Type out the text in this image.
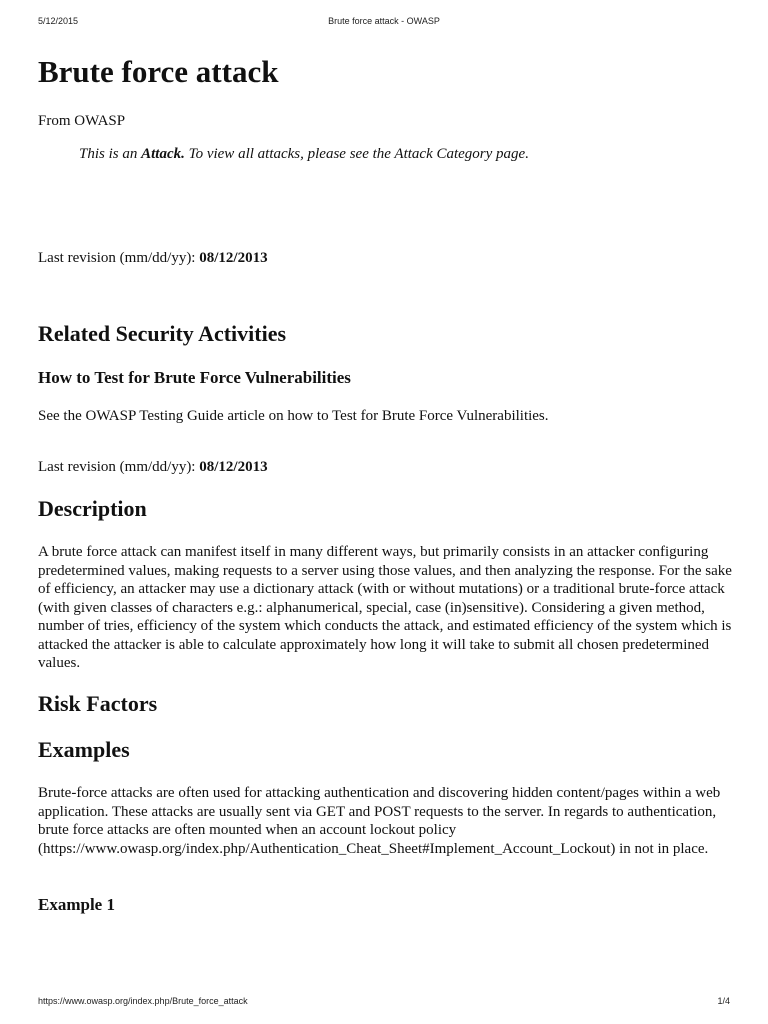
5/12/2015	Brute force attack - OWASP
Brute force attack
From OWASP
This is an Attack. To view all attacks, please see the Attack Category page.
Last revision (mm/dd/yy): 08/12/2013
Related Security Activities
How to Test for Brute Force Vulnerabilities

See the OWASP Testing Guide article on how to Test for Brute Force Vulnerabilities.

Last revision (mm/dd/yy): 08/12/2013
Description

A brute force attack can manifest itself in many different ways, but primarily consists in an attacker configuring predetermined values, making requests to a server using those values, and then analyzing the response. For the sake of efficiency, an attacker may use a dictionary attack (with or without mutations) or a traditional brute-force attack (with given classes of characters e.g.: alphanumerical, special, case (in)sensitive). Considering a given method, number of tries, efficiency of the system which conducts the attack, and estimated efficiency of the system which is attacked the attacker is able to calculate approximately how long it will take to submit all chosen predetermined values.

Risk Factors
Examples

Brute-force attacks are often used for attacking authentication and discovering hidden content/pages within a web application. These attacks are usually sent via GET and POST requests to the server. In regards to authentication, brute force attacks are often mounted when an account lockout policy (https://www.owasp.org/index.php/Authentication_Cheat_Sheet#Implement_Account_Lockout) in not in place.

Example 1
https://www.owasp.org/index.php/Brute_force_attack	1/4
